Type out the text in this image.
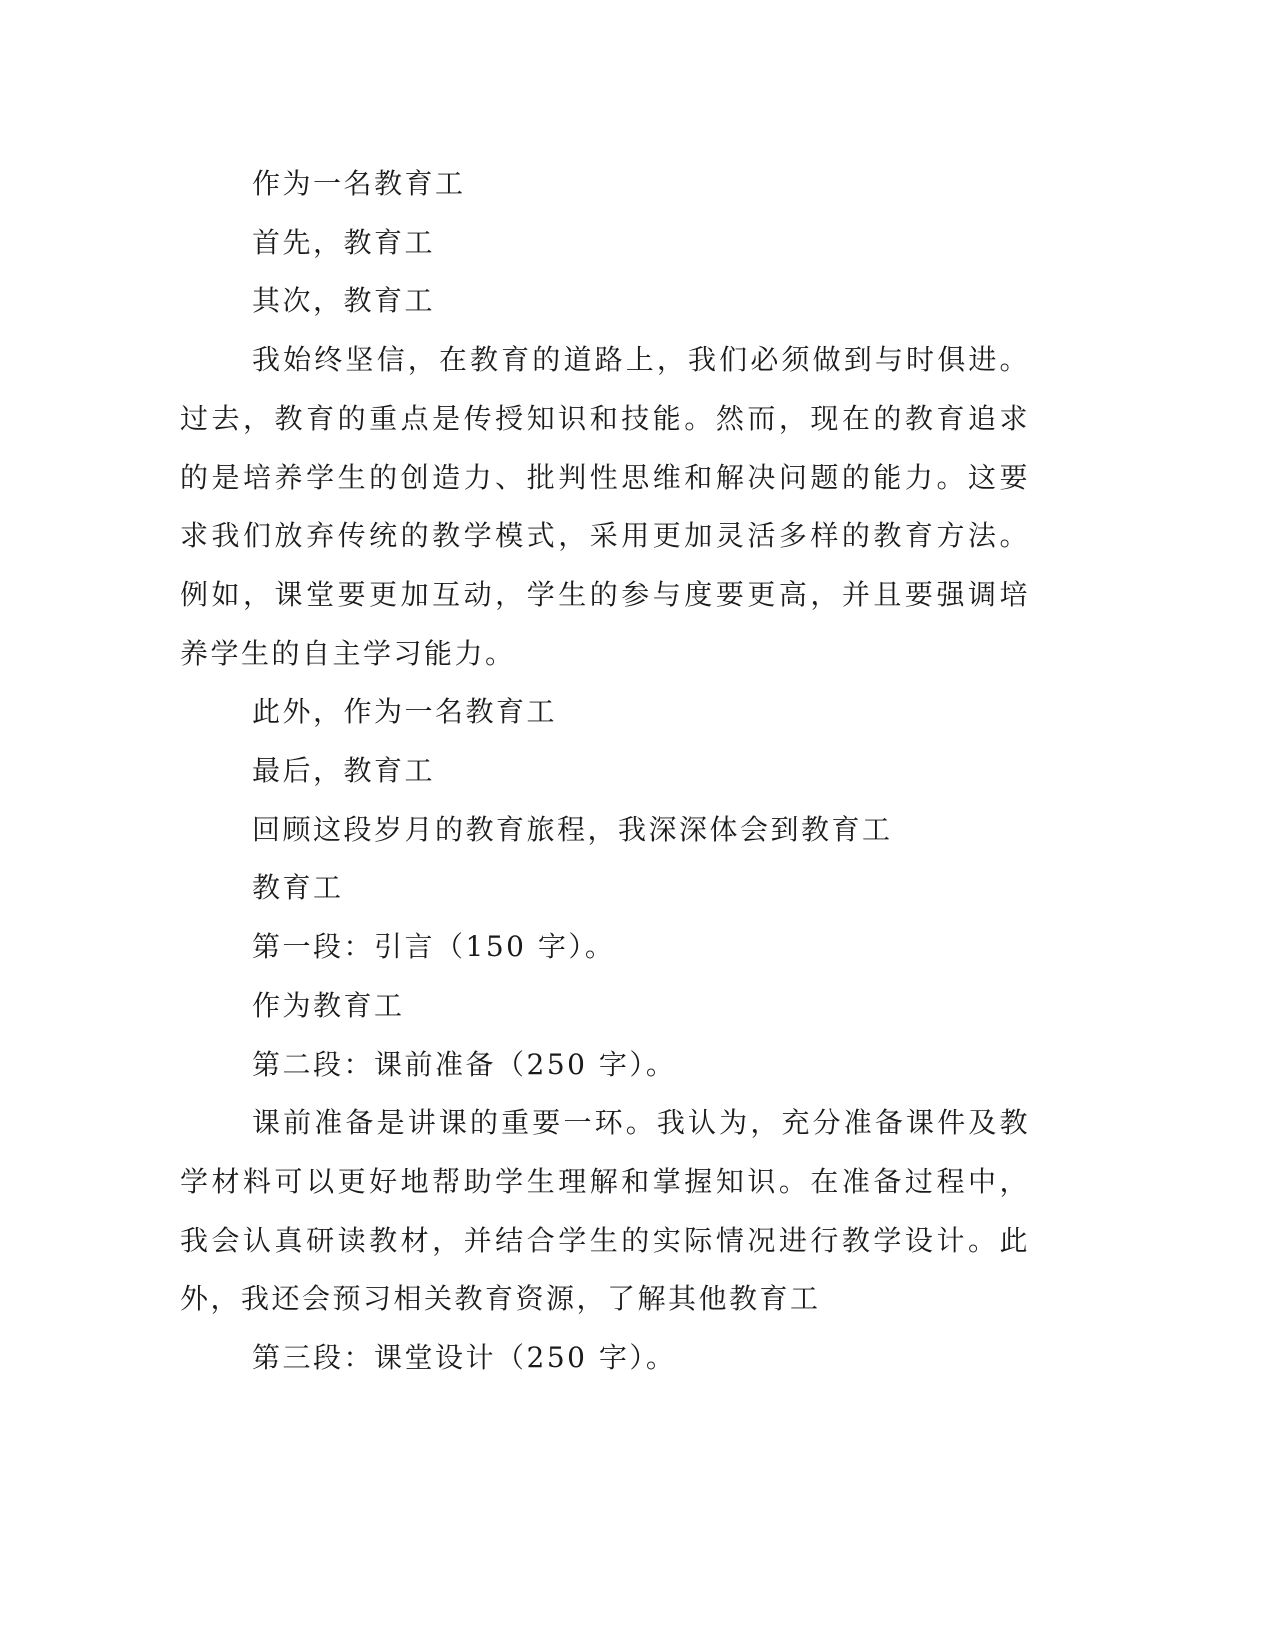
作为一名教育工

首先，教育工

其次，教育工

我始终坚信，在教育的道路上，我们必须做到与时俱进。过去，教育的重点是传授知识和技能。然而，现在的教育追求的是培养学生的创造力、批判性思维和解决问题的能力。这要求我们放弃传统的教学模式，采用更加灵活多样的教育方法。例如，课堂要更加互动，学生的参与度要更高，并且要强调培养学生的自主学习能力。

此外，作为一名教育工

最后，教育工

回顾这段岁月的教育旅程，我深深体会到教育工

教育工

第一段：引言（150 字）。

作为教育工

第二段：课前准备（250 字）。

课前准备是讲课的重要一环。我认为，充分准备课件及教学材料可以更好地帮助学生理解和掌握知识。在准备过程中，我会认真研读教材，并结合学生的实际情况进行教学设计。此外，我还会预习相关教育资源，了解其他教育工

第三段：课堂设计（250 字）。
